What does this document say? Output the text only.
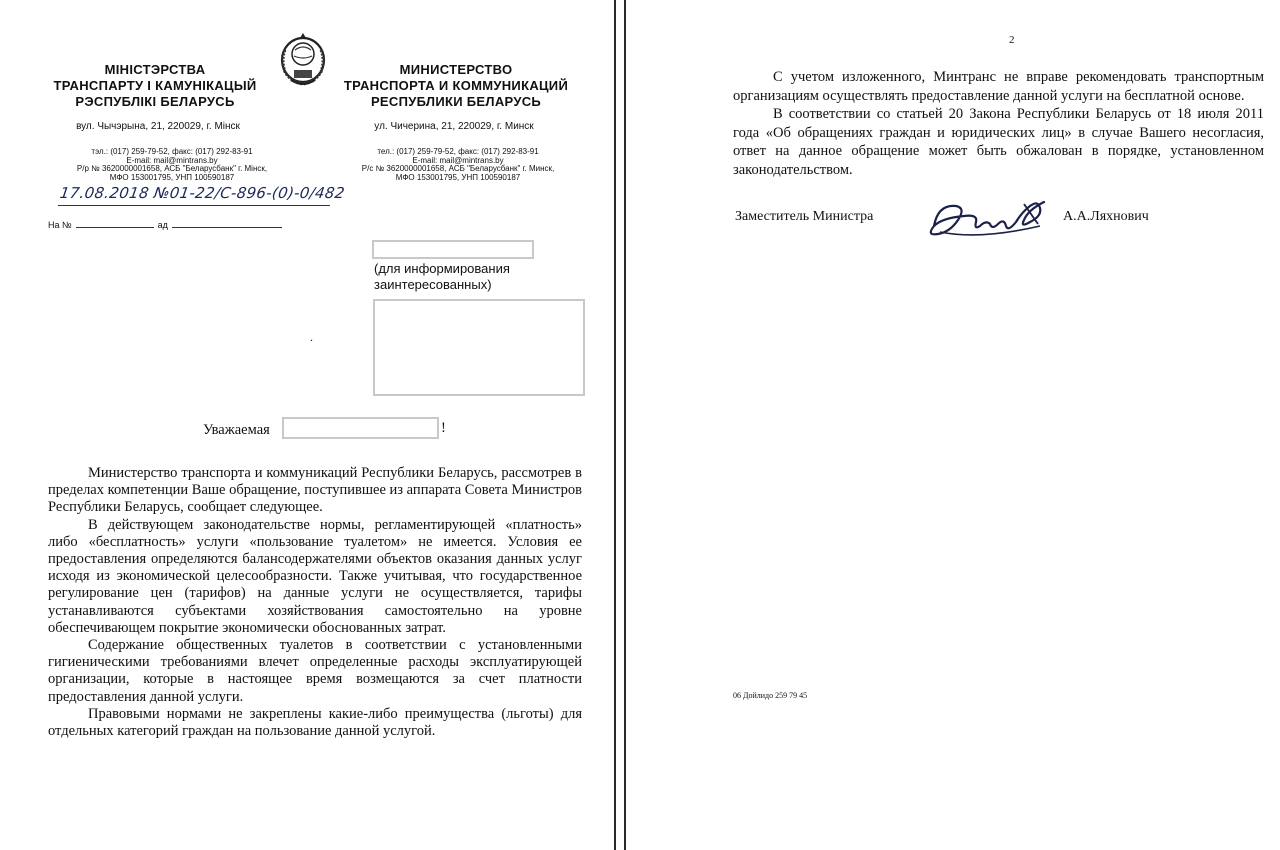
МІНІСТЭРСТВА
ТРАНСПАРТУ І КАМУНІКАЦЫЙ
РЭСПУБЛІКІ БЕЛАРУСЬ
МИНИСТЕРСТВО
ТРАНСПОРТА И КОММУНИКАЦИЙ
РЕСПУБЛИКИ БЕЛАРУСЬ
вул. Чычэрына, 21, 220029, г. Мінск	ул. Чичерина, 21, 220029, г. Минск
тэл.: (017) 259-79-52, факс: (017) 292-83-91
E-mail: mail@mintrans.by
Р/р № 3620000001658, АСБ "Беларусбанк" г. Мінск,
МФО 153001795, УНП 100590187
тел.: (017) 259-79-52, факс: (017) 292-83-91
E-mail: mail@mintrans.by
Р/с № 3620000001658, АСБ "Беларусбанк" г. Минск,
МФО 153001795, УНП 100590187
17.08.2018 №01-22/С-896-(0)-0/482
На №	ад
(для информирования заинтересованных)
.
Уважаемая	!

Министерство транспорта и коммуникаций Республики Беларусь, рассмотрев в пределах компетенции Ваше обращение, поступившее из аппарата Совета Министров Республики Беларусь, сообщает следующее.

В действующем законодательстве нормы, регламентирующей «платность» либо «бесплатность» услуги «пользование туалетом» не имеется. Условия ее предоставления определяются балансодержателями объектов оказания данных услуг исходя из экономической целесообразности. Также учитывая, что государственное регулирование цен (тарифов) на данные услуги не осуществляется, тарифы устанавливаются субъектами хозяйствования самостоятельно на уровне обеспечивающем покрытие экономически обоснованных затрат.

Содержание общественных туалетов в соответствии с установленными гигиеническими требованиями влечет определенные расходы эксплуатирующей организации, которые в настоящее время возмещаются за счет платности предоставления данной услуги.

Правовыми нормами не закреплены какие-либо преимущества (льготы) для отдельных категорий граждан на пользование данной услугой.

2

С учетом изложенного, Минтранс не вправе рекомендовать транспортным организациям осуществлять предоставление данной услуги на бесплатной основе.

В соответствии со статьей 20 Закона Республики Беларусь от 18 июля 2011 года «Об обращениях граждан и юридических лиц» в случае Вашего несогласия, ответ на данное обращение может быть обжалован в порядке, установленном законодательством.

Заместитель Министра	А.А.Ляхнович
06 Дойлидо 259 79 45
